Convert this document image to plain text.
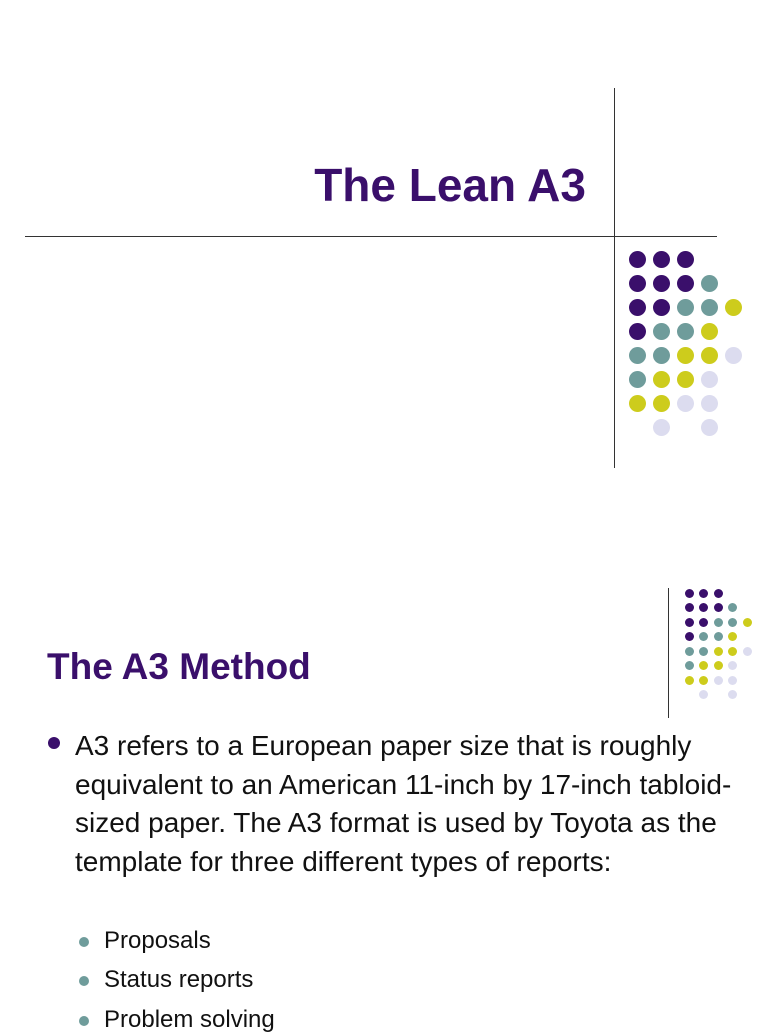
The Lean A3
The A3 Method
A3 refers to a European paper size that is roughly equivalent to an American 11-inch by 17-inch tabloid-sized paper. The A3 format is used by Toyota as the template for three different types of reports:
Proposals
Status reports
Problem solving
